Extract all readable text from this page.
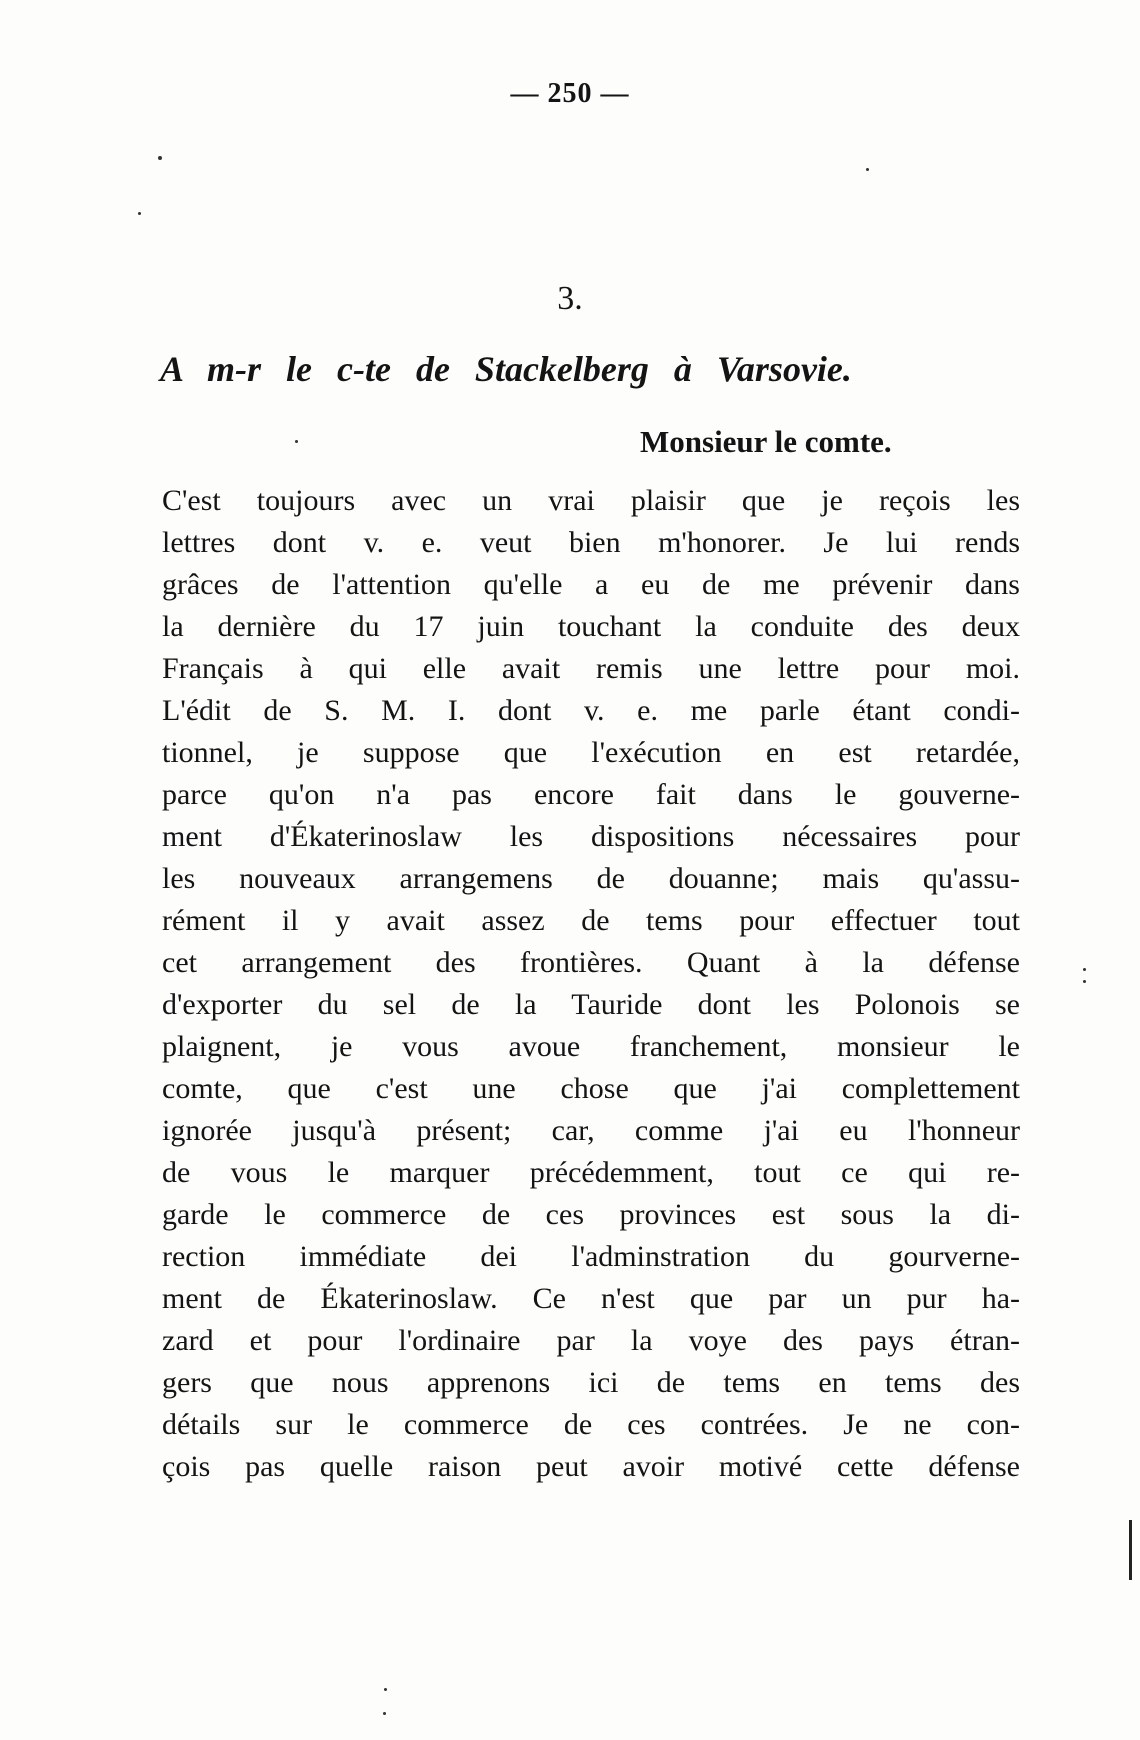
— 250 —
3.
A m-r le c-te de Stackelberg à Varsovie.
Monsieur le comte.
C'est toujours avec un vrai plaisir que je reçois les
lettres dont v. e. veut bien m'honorer. Je lui rends
grâces de l'attention qu'elle a eu de me prévenir dans
la dernière du 17 juin touchant la conduite des deux
Français à qui elle avait remis une lettre pour moi.
L'édit de S. M. I. dont v. e. me parle étant condi-
tionnel, je suppose que l'exécution en est retardée,
parce qu'on n'a pas encore fait dans le gouverne-
ment d'Ékaterinoslaw les dispositions nécessaires pour
les nouveaux arrangemens de douanne; mais qu'assu-
rément il y avait assez de tems pour effectuer tout
cet arrangement des frontières. Quant à la défense
d'exporter du sel de la Tauride dont les Polonois se
plaignent, je vous avoue franchement, monsieur le
comte, que c'est une chose que j'ai complettement
ignorée jusqu'à présent; car, comme j'ai eu l'honneur
de vous le marquer précédemment, tout ce qui re-
garde le commerce de ces provinces est sous la di-
rection immédiate dei l'adminstration du gourverne-
ment de Ékaterinoslaw. Ce n'est que par un pur ha-
zard et pour l'ordinaire par la voye des pays étran-
gers que nous apprenons ici de tems en tems des
détails sur le commerce de ces contrées. Je ne con-
çois pas quelle raison peut avoir motivé cette défense
